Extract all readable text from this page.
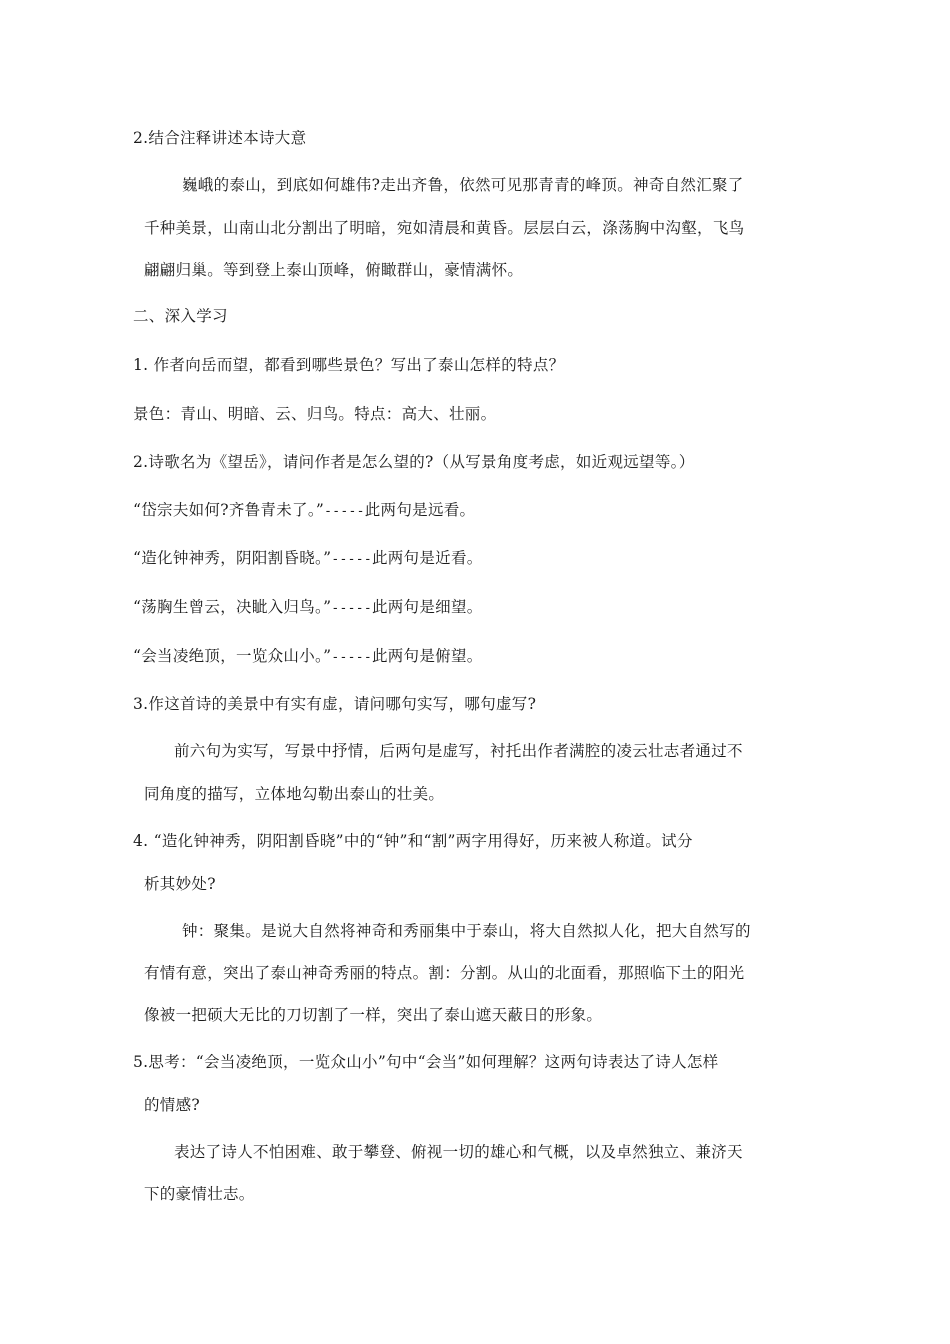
2.结合注释讲述本诗大意
巍峨的泰山，到底如何雄伟?走出齐鲁，依然可见那青青的峰顶。神奇自然汇聚了
千种美景，山南山北分割出了明暗，宛如清晨和黄昏。层层白云，涤荡胸中沟壑，飞鸟
翩翩归巢。等到登上泰山顶峰，俯瞰群山，豪情满怀。
二、深入学习
1. 作者向岳而望，都看到哪些景色？写出了泰山怎样的特点？
景色：青山、明暗、云、归鸟。特点：高大、壮丽。
2.诗歌名为《望岳》，请问作者是怎么望的?（从写景角度考虑，如近观远望等。）
“岱宗夫如何?齐鲁青未了。”-----此两句是远看。
“造化钟神秀，阴阳割昏晓。”-----此两句是近看。
“荡胸生曾云，决眦入归鸟。”-----此两句是细望。
“会当凌绝顶，一览众山小。”-----此两句是俯望。
3.作这首诗的美景中有实有虚，请问哪句实写，哪句虚写?
前六句为实写，写景中抒情，后两句是虚写，衬托出作者满腔的凌云壮志者通过不
同角度的描写，立体地勾勒出泰山的壮美。
4. “造化钟神秀，阴阳割昏晓”中的“钟”和“割”两字用得好，历来被人称道。试分
析其妙处?
钟：聚集。是说大自然将神奇和秀丽集中于泰山，将大自然拟人化，把大自然写的
有情有意，突出了泰山神奇秀丽的特点。割：分割。从山的北面看，那照临下土的阳光
像被一把硕大无比的刀切割了一样，突出了泰山遮天蔽日的形象。
5.思考：“会当凌绝顶，一览众山小”句中“会当”如何理解？这两句诗表达了诗人怎样
的情感?
表达了诗人不怕困难、敢于攀登、俯视一切的雄心和气概，以及卓然独立、兼济天
下的豪情壮志。
